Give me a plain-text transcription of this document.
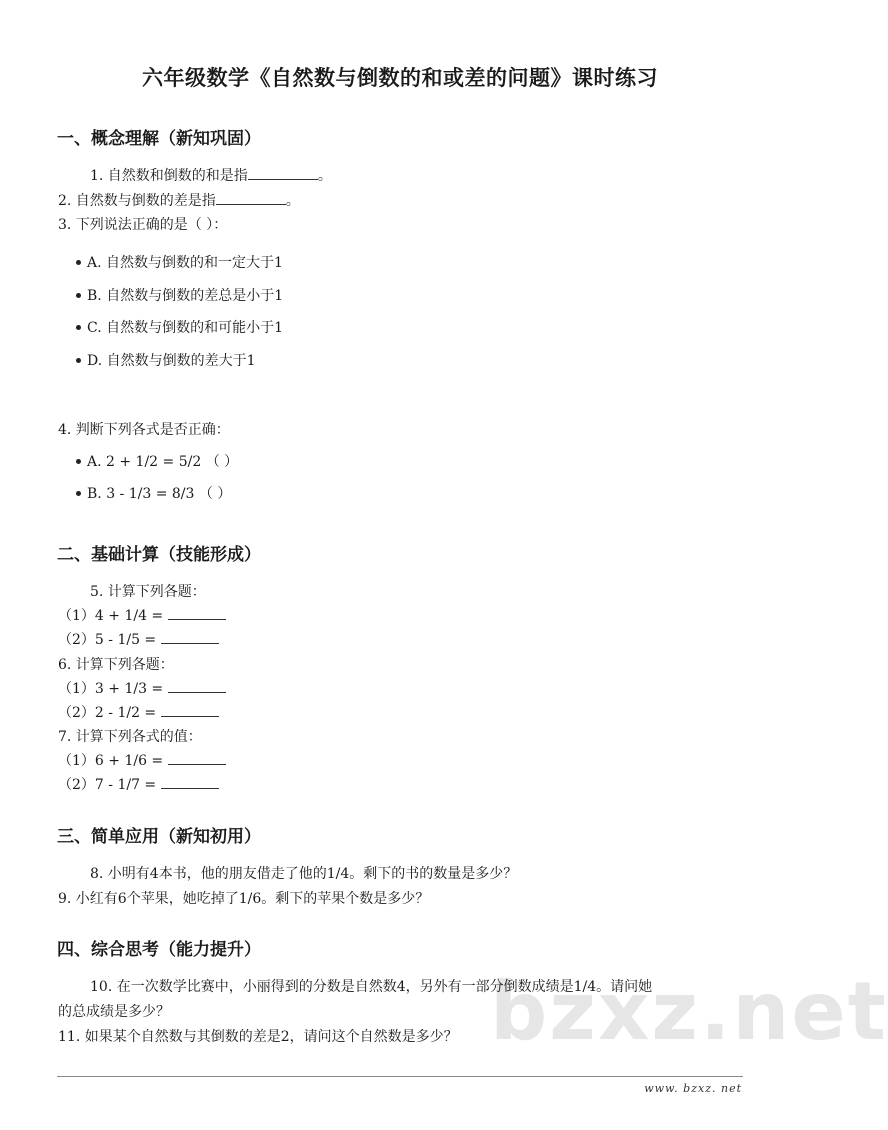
六年级数学《自然数与倒数的和或差的问题》课时练习
一、概念理解（新知巩固）
1. 自然数和倒数的和是指	。
2. 自然数与倒数的差是指	。
3. 下列说法正确的是（ ）：
A. 自然数与倒数的和一定大于1
B. 自然数与倒数的差总是小于1
C. 自然数与倒数的和可能小于1
D. 自然数与倒数的差大于1
4. 判断下列各式是否正确：
A. 2 + 1/2 = 5/2 （ ）
B. 3 - 1/3 = 8/3 （ ）
二、基础计算（技能形成）
5. 计算下列各题：
（1）4 + 1/4 =
（2）5 - 1/5 =
6. 计算下列各题：
（1）3 + 1/3 =
（2）2 - 1/2 =
7. 计算下列各式的值：
（1）6 + 1/6 =
（2）7 - 1/7 =
三、简单应用（新知初用）
8. 小明有4本书，他的朋友借走了他的1/4。剩下的书的数量是多少？
9. 小红有6个苹果，她吃掉了1/6。剩下的苹果个数是多少？
四、综合思考（能力提升）
bzxz.net
10. 在一次数学比赛中，小丽得到的分数是自然数4，另外有一部分倒数成绩是1/4。请问她
的总成绩是多少？
11. 如果某个自然数与其倒数的差是2，请问这个自然数是多少？
www. bzxz. net
